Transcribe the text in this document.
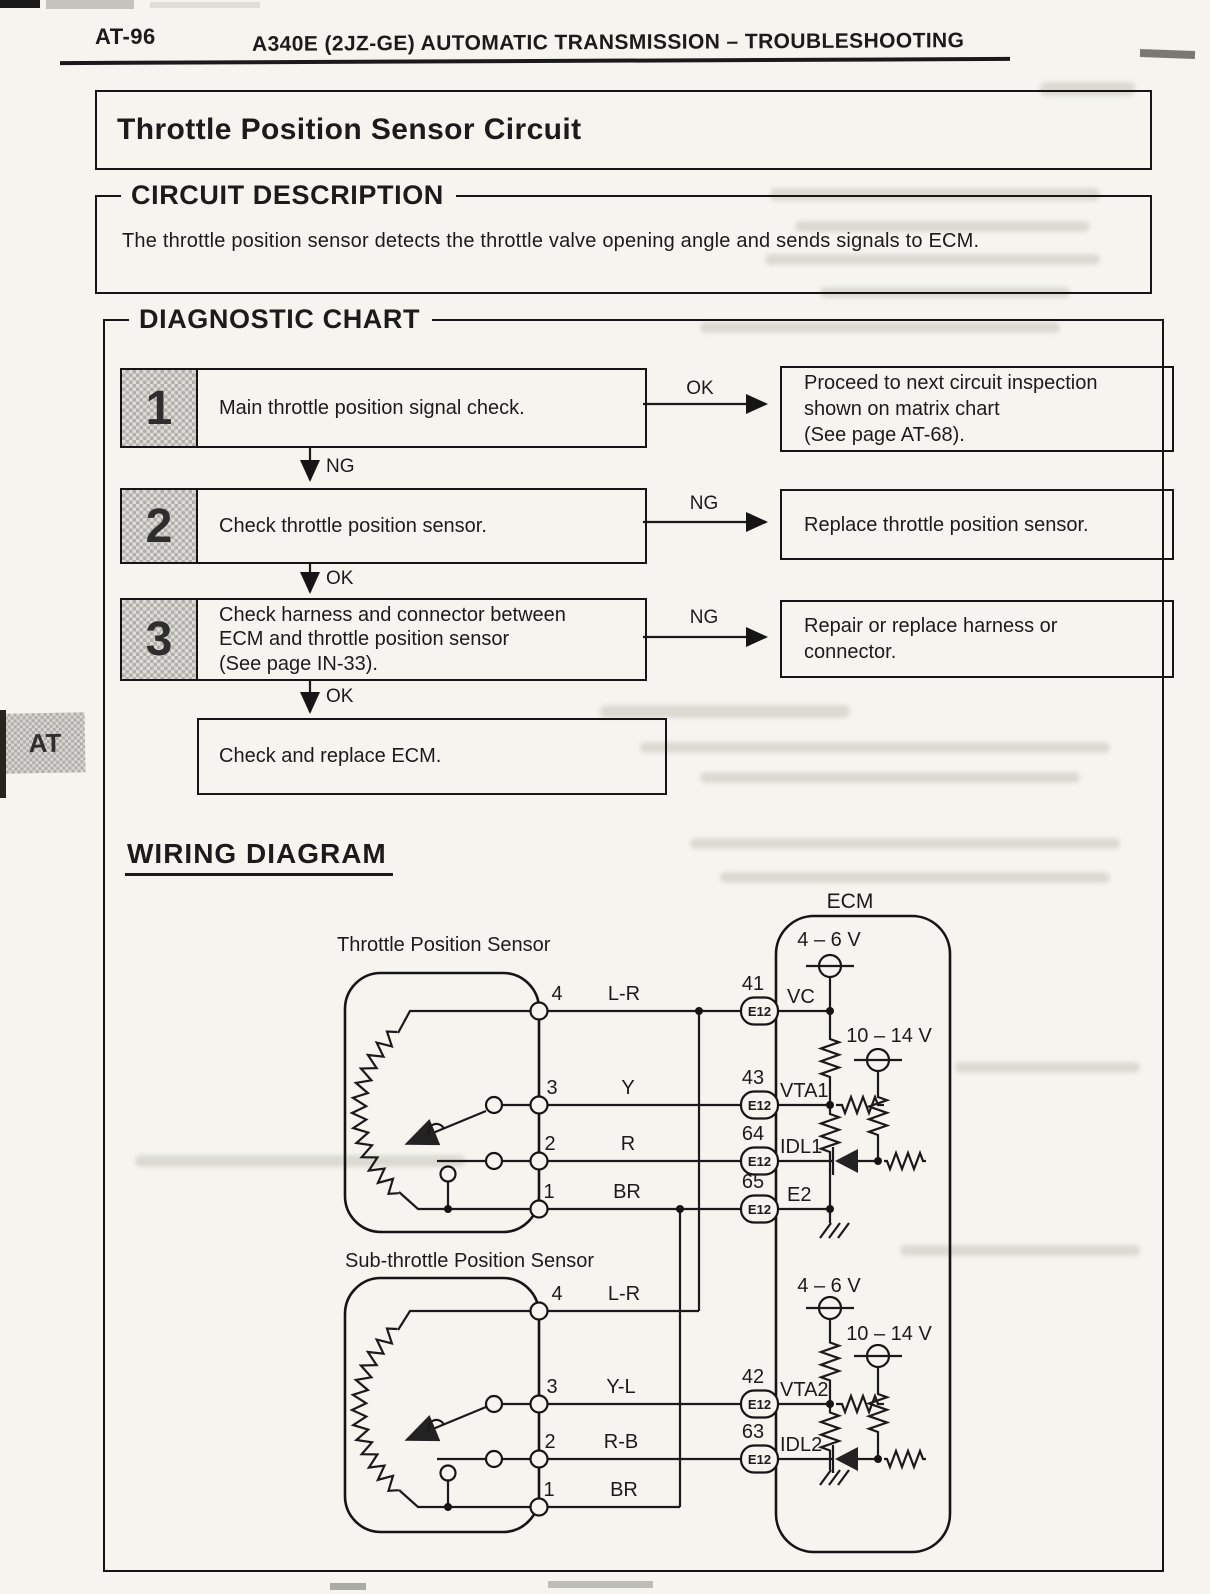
AT-96	A340E (2JZ-GE) AUTOMATIC TRANSMISSION – TROUBLESHOOTING
Throttle Position Sensor Circuit
CIRCUIT DESCRIPTION
The throttle position sensor detects the throttle valve opening angle and sends signals to ECM.
DIAGNOSTIC CHART
1	Main throttle position signal check.
Proceed to next circuit inspection
shown on matrix chart
(See page AT-68).
2	Check throttle position sensor.	Replace throttle position sensor.
3	Check harness and connector between
ECM and throttle position sensor
(See page IN-33).
Repair or replace harness or
connector.
Check and replace ECM.
WIRING DIAGRAM
AT
OK
NG
NG
OK
NG
OK
E12
E12
E12
E12
E12
E12
Throttle Position Sensor
Sub-throttle Position Sensor
ECM
4
3
2
1
4
3
2
1
L-R
Y
R
BR
L-R
Y-L
R-B
BR
41
43
64
65
42
63
VC
VTA1
IDL1
E2
VTA2
IDL2
4 – 6 V
10 – 14 V
4 – 6 V
10 – 14 V
